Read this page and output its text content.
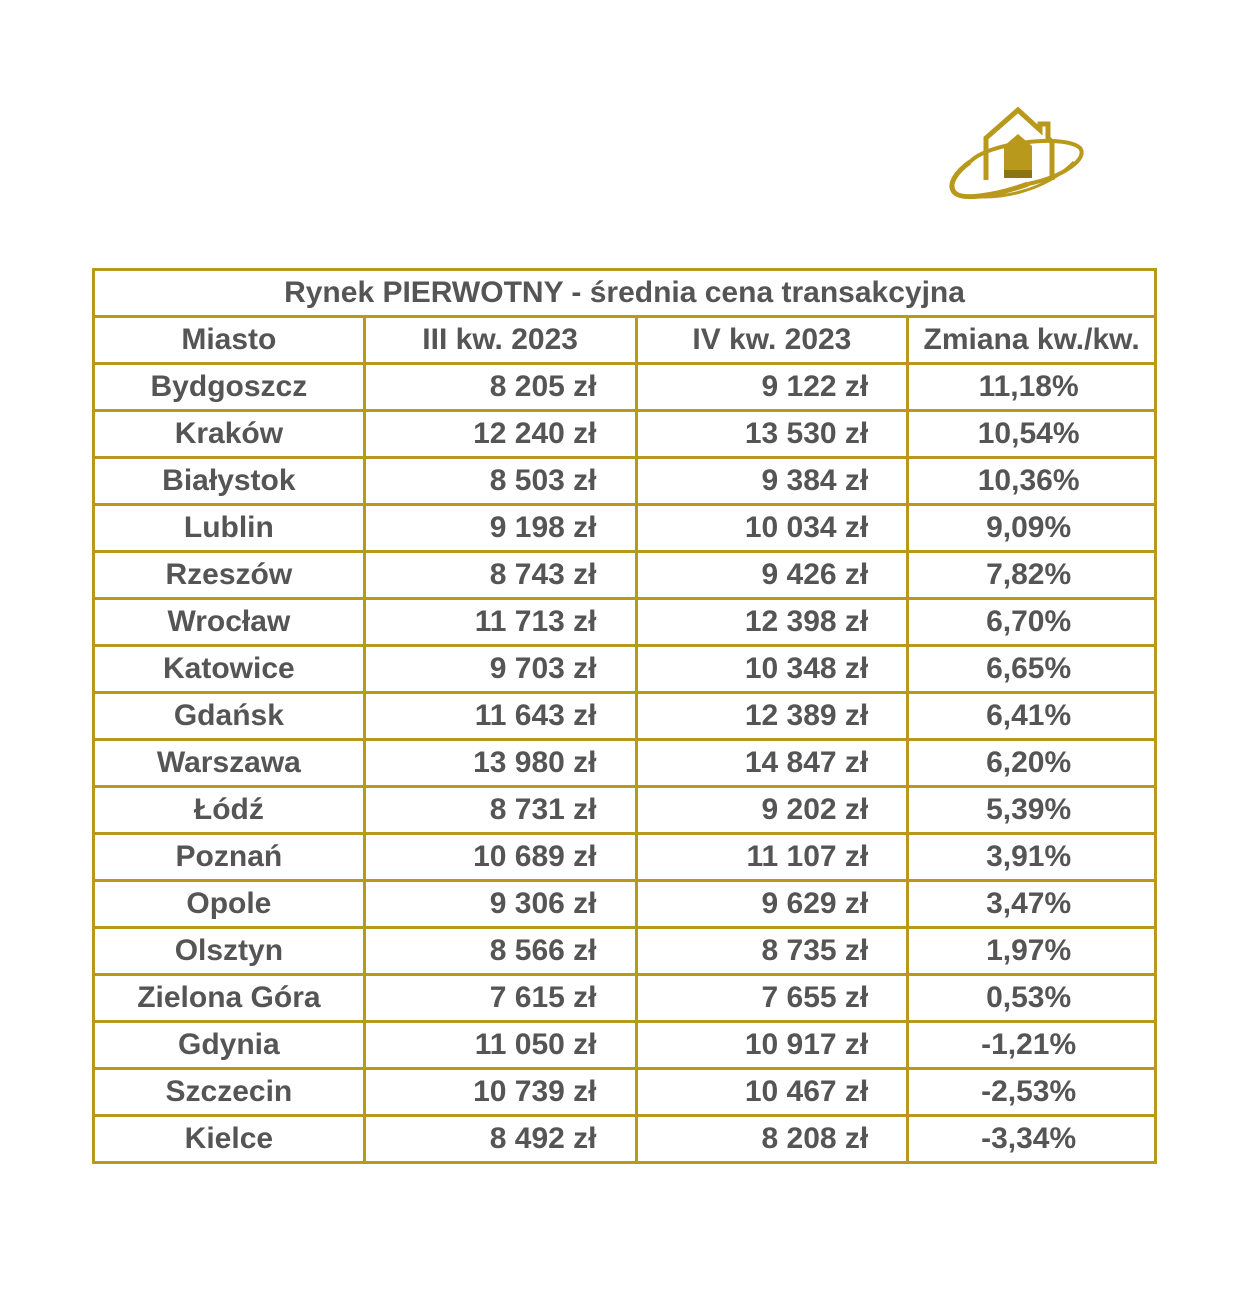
Rynek PIERWOTNY - średnia cena transakcyjna			
Miasto	III kw. 2023	IV kw. 2023	Zmiana kw./kw.
Bydgoszcz	8 205 zł	9 122 zł	11,18%
Kraków	12 240 zł	13 530 zł	10,54%
Białystok	8 503 zł	9 384 zł	10,36%
Lublin	9 198 zł	10 034 zł	9,09%
Rzeszów	8 743 zł	9 426 zł	7,82%
Wrocław	11 713 zł	12 398 zł	6,70%
Katowice	9 703 zł	10 348 zł	6,65%
Gdańsk	11 643 zł	12 389 zł	6,41%
Warszawa	13 980 zł	14 847 zł	6,20%
Łódź	8 731 zł	9 202 zł	5,39%
Poznań	10 689 zł	11 107 zł	3,91%
Opole	9 306 zł	9 629 zł	3,47%
Olsztyn	8 566 zł	8 735 zł	1,97%
Zielona Góra	7 615 zł	7 655 zł	0,53%
Gdynia	11 050 zł	10 917 zł	-1,21%
Szczecin	10 739 zł	10 467 zł	-2,53%
Kielce	8 492 zł	8 208 zł	-3,34%
